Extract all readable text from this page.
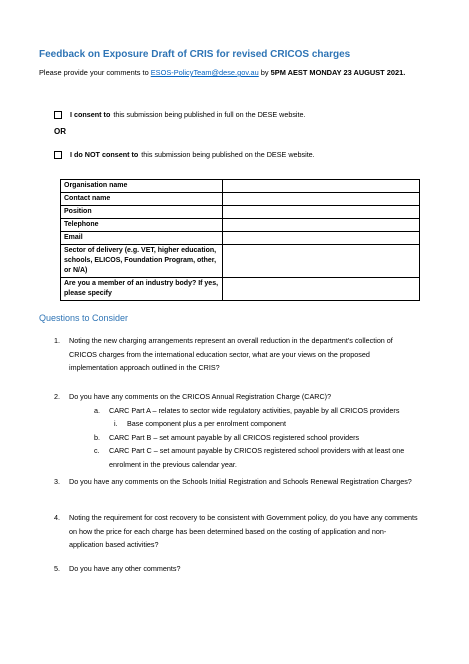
Feedback on Exposure Draft of CRIS for revised CRICOS charges
Please provide your comments to ESOS-PolicyTeam@dese.gov.au by 5PM AEST MONDAY 23 AUGUST 2021.
I consent to this submission being published in full on the DESE website.
OR
I do NOT consent to this submission being published on the DESE website.
Organisation name	
Contact name	
Position	
Telephone	
Email	
Sector of delivery (e.g. VET, higher education, schools, ELICOS, Foundation Program, other, or N/A)	
Are you a member of an industry body? If yes, please specify	
Questions to Consider
1. Noting the new charging arrangements represent an overall reduction in the department's collection of CRICOS charges from the international education sector, what are your views on the proposed implementation approach outlined in the CRIS?
2. Do you have any comments on the CRICOS Annual Registration Charge (CARC)?
a. CARC Part A – relates to sector wide regulatory activities, payable by all CRICOS providers
i. Base component plus a per enrolment component
b. CARC Part B – set amount payable by all CRICOS registered school providers
c. CARC Part C – set amount payable by CRICOS registered school providers with at least one enrolment in the previous calendar year.
3. Do you have any comments on the Schools Initial Registration and Schools Renewal Registration Charges?
4. Noting the requirement for cost recovery to be consistent with Government policy, do you have any comments on how the price for each charge has been determined based on the costing of application and non-application based activities?
5. Do you have any other comments?
